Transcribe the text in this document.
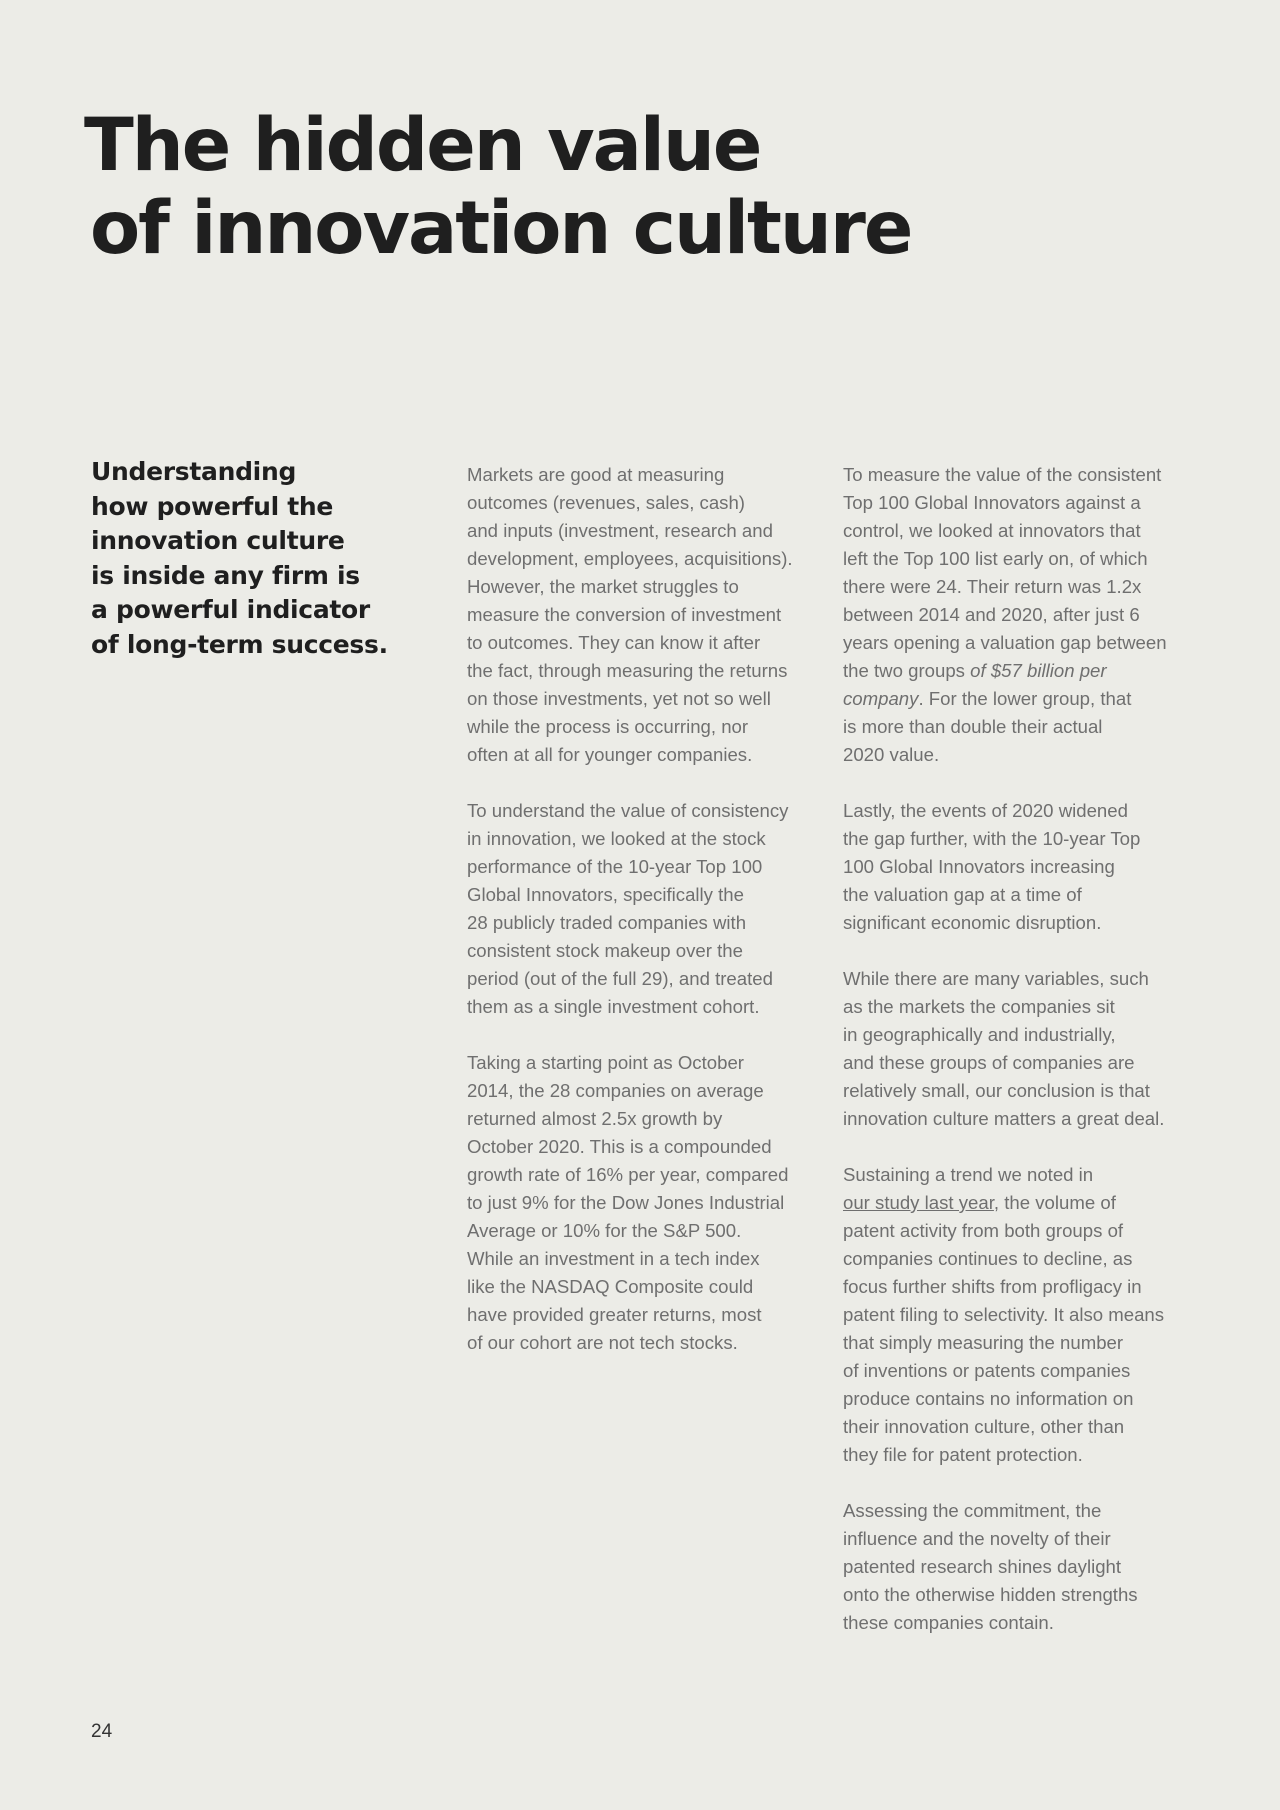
The hidden value
of innovation culture
Understanding
how powerful the
innovation culture
is inside any firm is
a powerful indicator
of long-term success.

Markets are good at measuring
outcomes (revenues, sales, cash)
and inputs (investment, research and
development, employees, acquisitions).
However, the market struggles to
measure the conversion of investment
to outcomes. They can know it after
the fact, through measuring the returns
on those investments, yet not so well
while the process is occurring, nor
often at all for younger companies.

To understand the value of consistency
in innovation, we looked at the stock
performance of the 10-year Top 100
Global Innovators, specifically the
28 publicly traded companies with
consistent stock makeup over the
period (out of the full 29), and treated
them as a single investment cohort.

Taking a starting point as October
2014, the 28 companies on average
returned almost 2.5x growth by
October 2020. This is a compounded
growth rate of 16% per year, compared
to just 9% for the Dow Jones Industrial
Average or 10% for the S&P 500.
While an investment in a tech index
like the NASDAQ Composite could
have provided greater returns, most
of our cohort are not tech stocks.

To measure the value of the consistent
Top 100 Global Innovators against a
control, we looked at innovators that
left the Top 100 list early on, of which
there were 24. Their return was 1.2x
between 2014 and 2020, after just 6
years opening a valuation gap between
the two groups of $57 billion per
company. For the lower group, that
is more than double their actual
2020 value.

Lastly, the events of 2020 widened
the gap further, with the 10-year Top
100 Global Innovators increasing
the valuation gap at a time of
significant economic disruption.

While there are many variables, such
as the markets the companies sit
in geographically and industrially,
and these groups of companies are
relatively small, our conclusion is that
innovation culture matters a great deal.

Sustaining a trend we noted in
our study last year, the volume of
patent activity from both groups of
companies continues to decline, as
focus further shifts from profligacy in
patent filing to selectivity. It also means
that simply measuring the number
of inventions or patents companies
produce contains no information on
their innovation culture, other than
they file for patent protection.

Assessing the commitment, the
influence and the novelty of their
patented research shines daylight
onto the otherwise hidden strengths
these companies contain.

24
